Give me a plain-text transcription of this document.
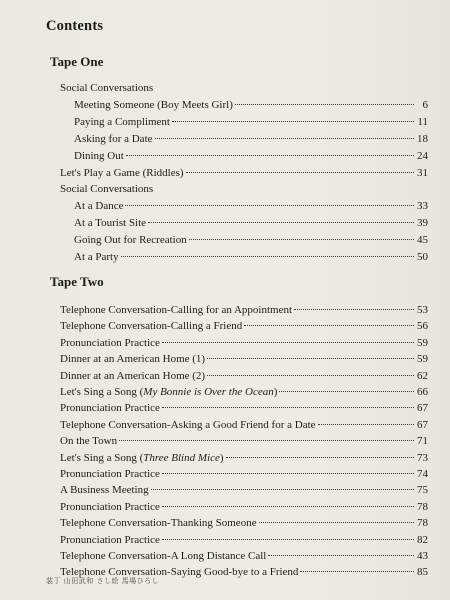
Contents
Tape One
Social Conversations
Meeting Someone (Boy Meets Girl)	6
Paying a Compliment	11
Asking for a Date	18
Dining Out	24
Let's Play a Game (Riddles)	31
Social Conversations
At a Dance	33
At a Tourist Site	39
Going Out for Recreation	45
At a Party	50
Tape Two
Telephone Conversation-Calling for an Appointment	53
Telephone Conversation-Calling a Friend	56
Pronunciation Practice	59
Dinner at an American Home (1)	59
Dinner at an American Home (2)	62
Let's Sing a Song (My Bonnie is Over the Ocean)	66
Pronunciation Practice	67
Telephone Conversation-Asking a Good Friend for a Date	67
On the Town	71
Let's Sing a Song (Three Blind Mice)	73
Pronunciation Practice	74
A Business Meeting	75
Pronunciation Practice	78
Telephone Conversation-Thanking Someone	78
Pronunciation Practice	82
Telephone Conversation-A Long Distance Call	43
Telephone Conversation-Saying Good-bye to a Friend	85
装丁 山田武和 さし絵 馬場ひろし
